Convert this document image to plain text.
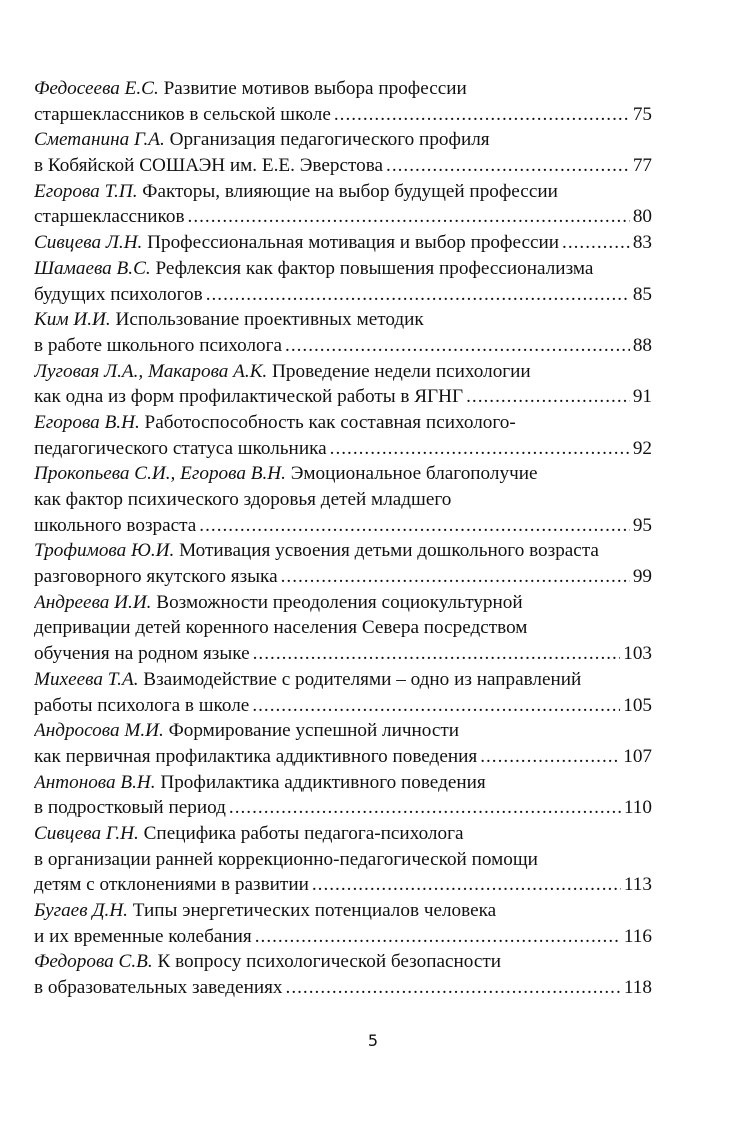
Федосеева Е.С. Развитие мотивов выбора профессии
старшеклассников в сельской школе .....	75
Сметанина Г.А. Организация педагогического профиля
в Кобяйской СОШАЭН им. Е.Е. Эверстова .....	77
Егорова Т.П. Факторы, влияющие на выбор будущей профессии
старшеклассников .....	80
Сивцева Л.Н. Профессиональная мотивация и выбор профессии .....	83
Шамаева В.С. Рефлексия как фактор повышения профессионализма
будущих психологов .....	85
Ким И.И. Использование проективных методик
в работе школьного психолога .....	88
Луговая Л.А., Макарова А.К. Проведение недели психологии
как одна из форм профилактической работы в ЯГНГ .....	91
Егорова В.Н. Работоспособность как составная психолого-
педагогического статуса школьника .....	92
Прокопьева С.И., Егорова В.Н. Эмоциональное благополучие
как фактор психического здоровья детей младшего
школьного возраста .....	95
Трофимова Ю.И. Мотивация усвоения детьми дошкольного возраста
разговорного якутского языка .....	99
Андреева И.И. Возможности преодоления социокультурной
депривации детей коренного населения Севера посредством
обучения на родном языке .....	103
Михеева Т.А. Взаимодействие с родителями – одно из направлений
работы психолога в школе .....	105
Андросова М.И. Формирование успешной личности
как первичная профилактика аддиктивного поведения .....	107
Антонова В.Н. Профилактика аддиктивного поведения
в подростковый период .....	110
Сивцева Г.Н. Специфика работы педагога-психолога
в организации ранней коррекционно-педагогической помощи
детям с отклонениями в развитии .....	113
Бугаев Д.Н. Типы энергетических потенциалов человека
и их временные колебания .....	116
Федорова С.В. К вопросу психологической безопасности
в образовательных заведениях .....	118
5
